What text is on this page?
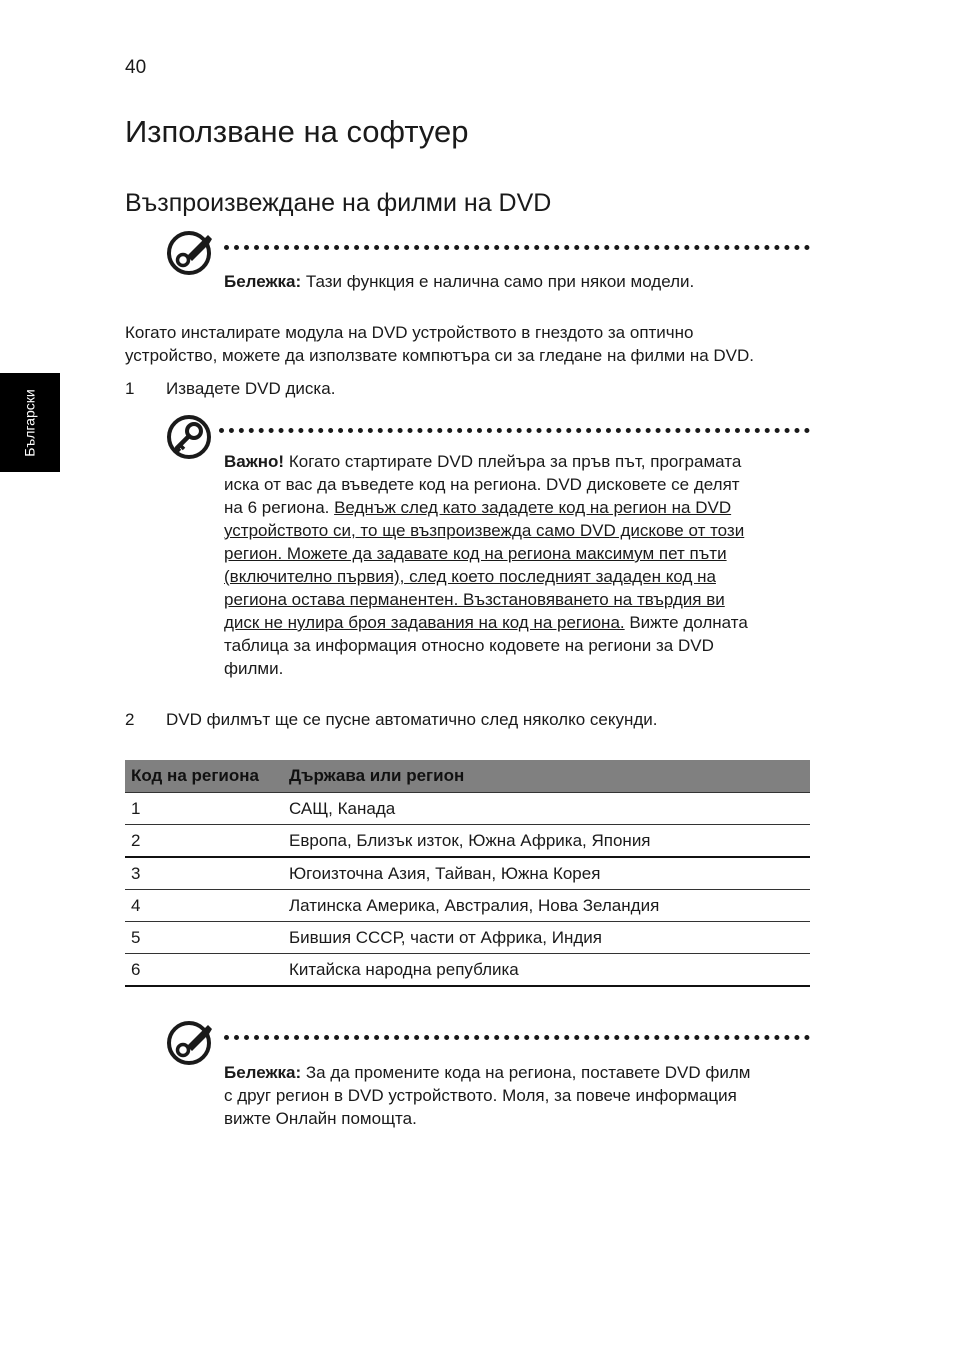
40
Български
Използване на софтуер
Възпроизвеждане на филми на DVD
Бележка: Тази функция е налична само при някои модели.
Когато инсталирате модула на DVD устройството в гнездото за оптично
устройство, можете да използвате компютъра си за гледане на филми на DVD.
1 Извадете DVD диска.
Важно! Когато стартирате DVD плейъра за пръв път, програмата
иска от вас да въведете код на региона. DVD дисковете се делят
на 6 региона. Веднъж след като зададете код на регион на DVD
устройството си, то ще възпроизвежда само DVD дискове от този
регион. Можете да задавате код на региона максимум пет пъти
(включително първия), след което последният зададен код на
региона остава перманентен. Възстановяването на твърдия ви
диск не нулира броя задавания на код на региона. Вижте долната
таблица за информация относно кодовете на региони за DVD
филми.
2 DVD филмът ще се пусне автоматично след няколко секунди.
Код на региона	Държава или регион
1	САЩ, Канада
2	Европа, Близък изток, Южна Африка, Япония
3	Югоизточна Азия, Тайван, Южна Корея
4	Латинска Америка, Австралия, Нова Зеландия
5	Бившия СССР, части от Африка, Индия
6	Китайска народна република
Бележка: За да промените кода на региона, поставете DVD филм
с друг регион в DVD устройството. Моля, за повече информация
вижте Онлайн помощта.
